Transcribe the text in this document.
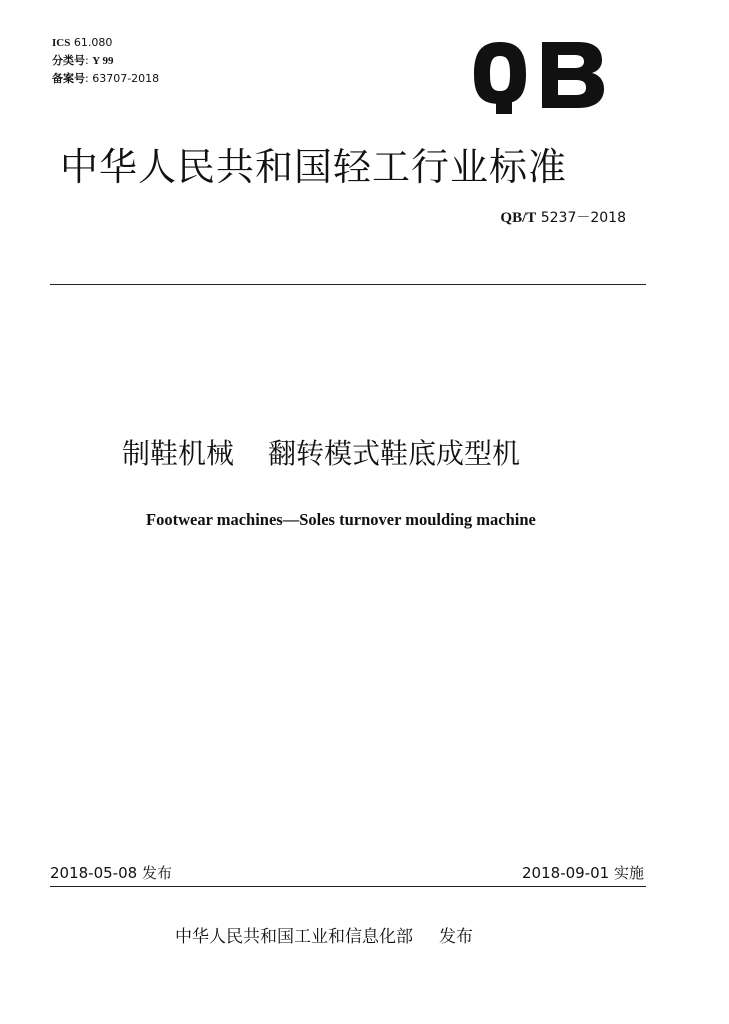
ICS 61.080
分类号: Y 99
备案号: 63707-2018
中华人民共和国轻工行业标准
QB/T 5237－2018
制鞋机械 翻转模式鞋底成型机
Footwear machines—Soles turnover moulding machine
2018-05-08 发布	2018-09-01 实施
中华人民共和国工业和信息化部 发布
